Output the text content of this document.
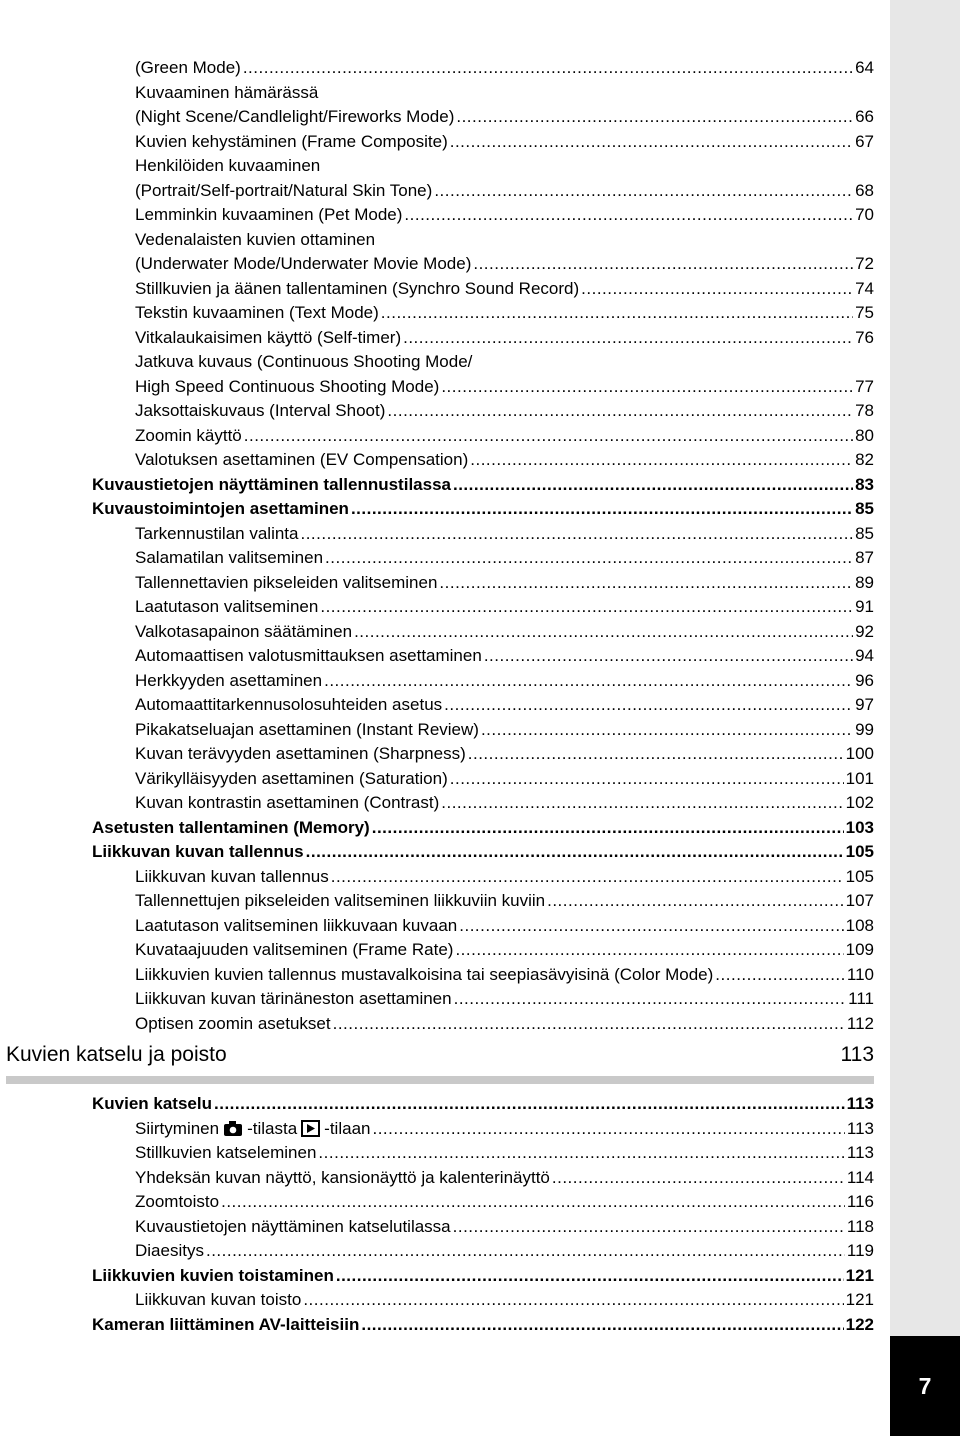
(Green Mode) .....	64
Kuvaaminen hämärässä
(Night Scene/Candlelight/Fireworks Mode) .....	66
Kuvien kehystäminen (Frame Composite) .....	67
Henkilöiden kuvaaminen
(Portrait/Self-portrait/Natural Skin Tone) .....	68
Lemminkin kuvaaminen (Pet Mode) .....	70
Vedenalaisten kuvien ottaminen
(Underwater Mode/Underwater Movie Mode) .....	72
Stillkuvien ja äänen tallentaminen (Synchro Sound Record) .....	74
Tekstin kuvaaminen (Text Mode) .....	75
Vitkalaukaisimen käyttö (Self-timer) .....	76
Jatkuva kuvaus (Continuous Shooting Mode/
High Speed Continuous Shooting Mode) .....	77
Jaksottaiskuvaus (Interval Shoot) .....	78
Zoomin käyttö .....	80
Valotuksen asettaminen (EV Compensation) .....	82
Kuvaustietojen näyttäminen tallennustilassa .....	83
Kuvaustoimintojen asettaminen .....	85
Tarkennustilan valinta .....	85
Salamatilan valitseminen .....	87
Tallennettavien pikseleiden valitseminen .....	89
Laatutason valitseminen .....	91
Valkotasapainon säätäminen .....	92
Automaattisen valotusmittauksen asettaminen .....	94
Herkkyyden asettaminen .....	96
Automaattitarkennusolosuhteiden asetus .....	97
Pikakatseluajan asettaminen (Instant Review) .....	99
Kuvan terävyyden asettaminen (Sharpness) .....	100
Värikylläisyyden asettaminen (Saturation) .....	101
Kuvan kontrastin asettaminen (Contrast) .....	102
Asetusten tallentaminen (Memory) .....	103
Liikkuvan kuvan tallennus .....	105
Liikkuvan kuvan tallennus .....	105
Tallennettujen pikseleiden valitseminen liikkuviin kuviin .....	107
Laatutason valitseminen liikkuvaan kuvaan .....	108
Kuvataajuuden valitseminen (Frame Rate) .....	109
Liikkuvien kuvien tallennus mustavalkoisina tai seepiasävyisinä (Color Mode) .....	110
Liikkuvan kuvan tärinäneston asettaminen .....	111
Optisen zoomin asetukset .....	112
Kuvien katselu ja poisto	113
Kuvien katselu .....	113
Siirtyminen -tilasta -tilaan .....	113
Stillkuvien katseleminen .....	113
Yhdeksän kuvan näyttö, kansionäyttö ja kalenterinäyttö .....	114
Zoomtoisto .....	116
Kuvaustietojen näyttäminen katselutilassa .....	118
Diaesitys .....	119
Liikkuvien kuvien toistaminen .....	121
Liikkuvan kuvan toisto .....	121
Kameran liittäminen AV-laitteisiin .....	122
7
